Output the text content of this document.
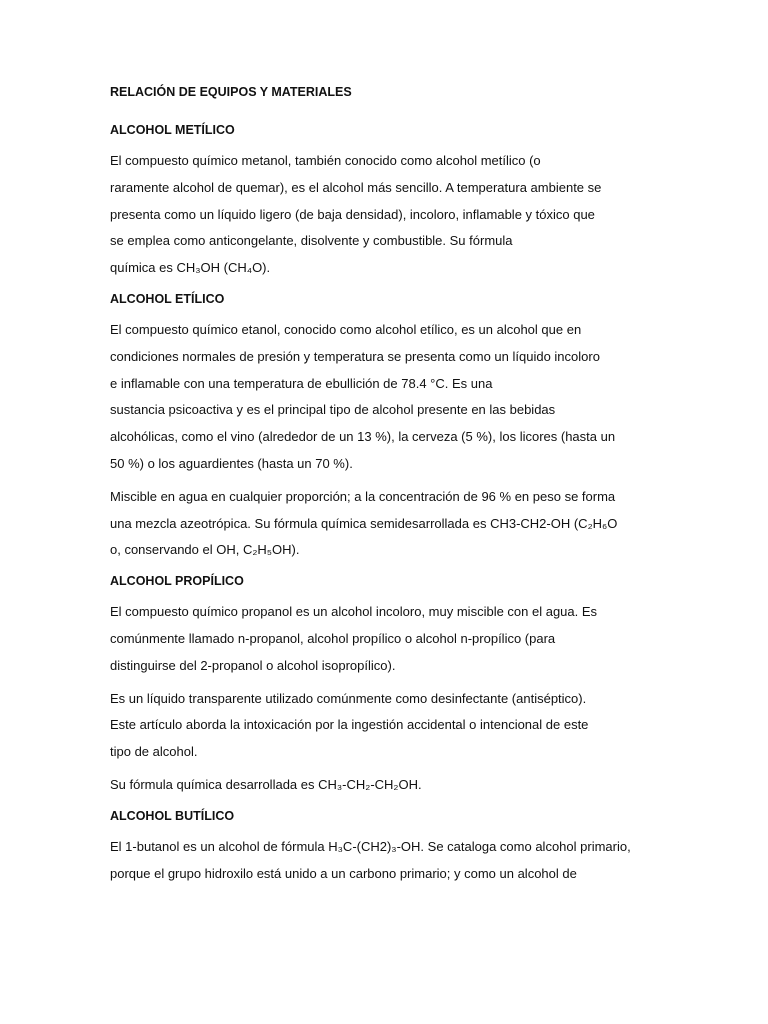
RELACIÓN DE EQUIPOS Y MATERIALES

ALCOHOL METÍLICO

El compuesto químico metanol, también conocido como alcohol metílico (o
raramente alcohol de quemar), es el alcohol más sencillo. A temperatura ambiente se
presenta como un líquido ligero (de baja densidad), incoloro, inflamable y tóxico que
se emplea como anticongelante, disolvente y combustible. Su fórmula
química es CH₃OH (CH₄O).

ALCOHOL ETÍLICO

El compuesto químico etanol, conocido como alcohol etílico, es un alcohol que en
condiciones normales de presión y temperatura se presenta como un líquido incoloro
e inflamable con una temperatura de ebullición de 78.4 °C. Es una
sustancia psicoactiva y es el principal tipo de alcohol presente en las bebidas
alcohólicas, como el vino (alrededor de un 13 %), la cerveza (5 %), los licores (hasta un
50 %) o los aguardientes (hasta un 70 %).
Miscible en agua en cualquier proporción; a la concentración de 96 % en peso se forma
una mezcla azeotrópica. Su fórmula química semidesarrollada es CH3-CH2-OH (C₂H₆O
o, conservando el OH, C₂H₅OH).

ALCOHOL PROPÍLICO

El compuesto químico propanol es un alcohol incoloro, muy miscible con el agua. Es
comúnmente llamado n-propanol, alcohol propílico o alcohol n-propílico (para
distinguirse del 2-propanol o alcohol isopropílico).
Es un líquido transparente utilizado comúnmente como desinfectante (antiséptico).
Este artículo aborda la intoxicación por la ingestión accidental o intencional de este
tipo de alcohol.
Su fórmula química desarrollada es CH₃-CH₂-CH₂OH.

ALCOHOL BUTÍLICO

El 1-butanol es un alcohol de fórmula H₃C-(CH2)₃-OH. Se cataloga como alcohol primario,
porque el grupo hidroxilo está unido a un carbono primario; y como un alcohol de
